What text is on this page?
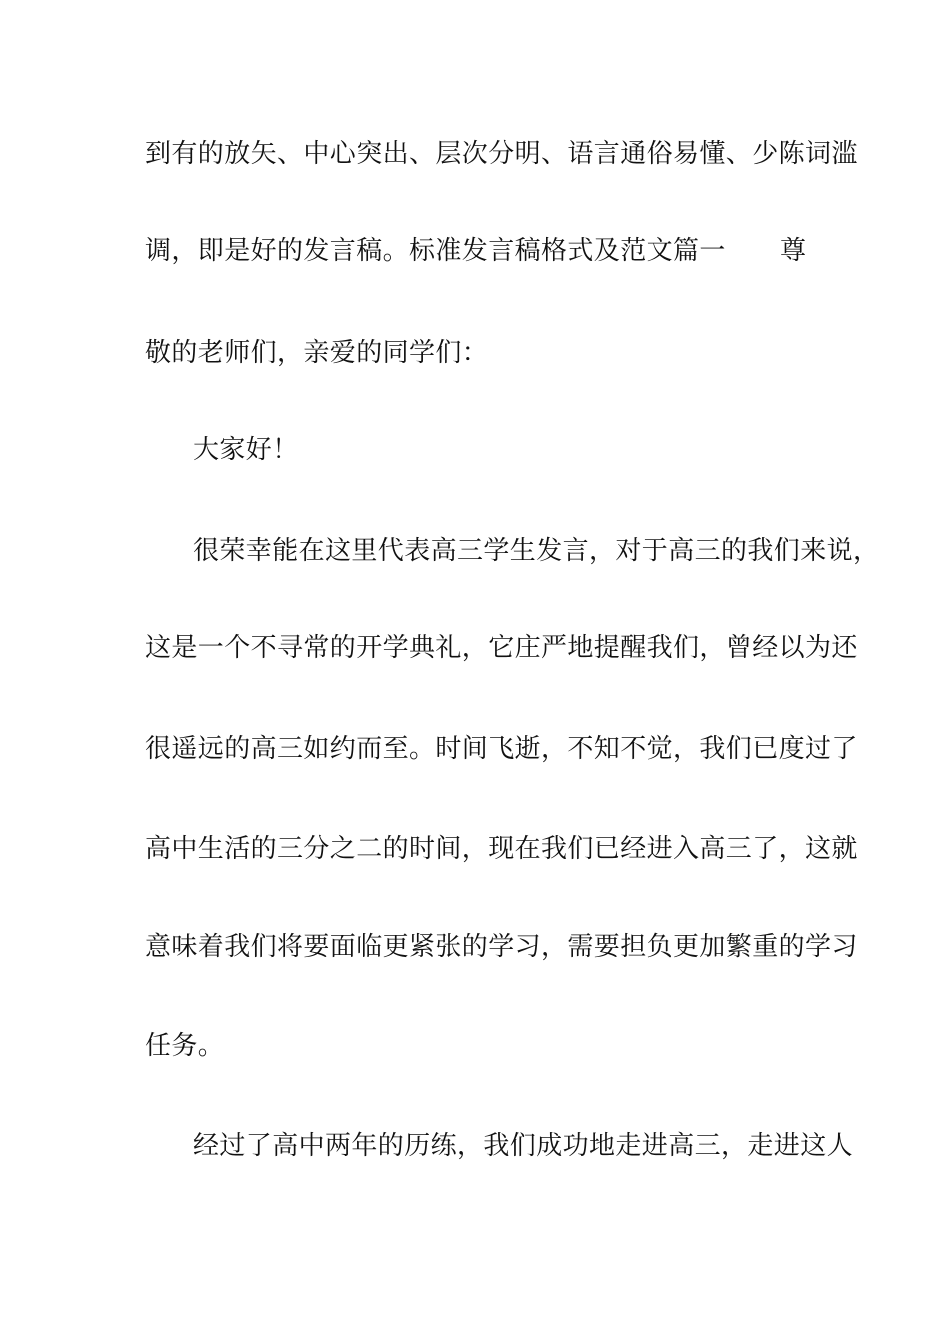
到有的放矢、中心突出、层次分明、语言通俗易懂、少陈词滥
调，即是好的发言稿。标准发言稿格式及范文篇一	尊
敬的老师们，亲爱的同学们：
大家好！
很荣幸能在这里代表高三学生发言，对于高三的我们来说，
这是一个不寻常的开学典礼，它庄严地提醒我们，曾经以为还
很遥远的高三如约而至。时间飞逝，不知不觉，我们已度过了
高中生活的三分之二的时间，现在我们已经进入高三了，这就
意味着我们将要面临更紧张的学习，需要担负更加繁重的学习
任务。
经过了高中两年的历练，我们成功地走进高三，走进这人
